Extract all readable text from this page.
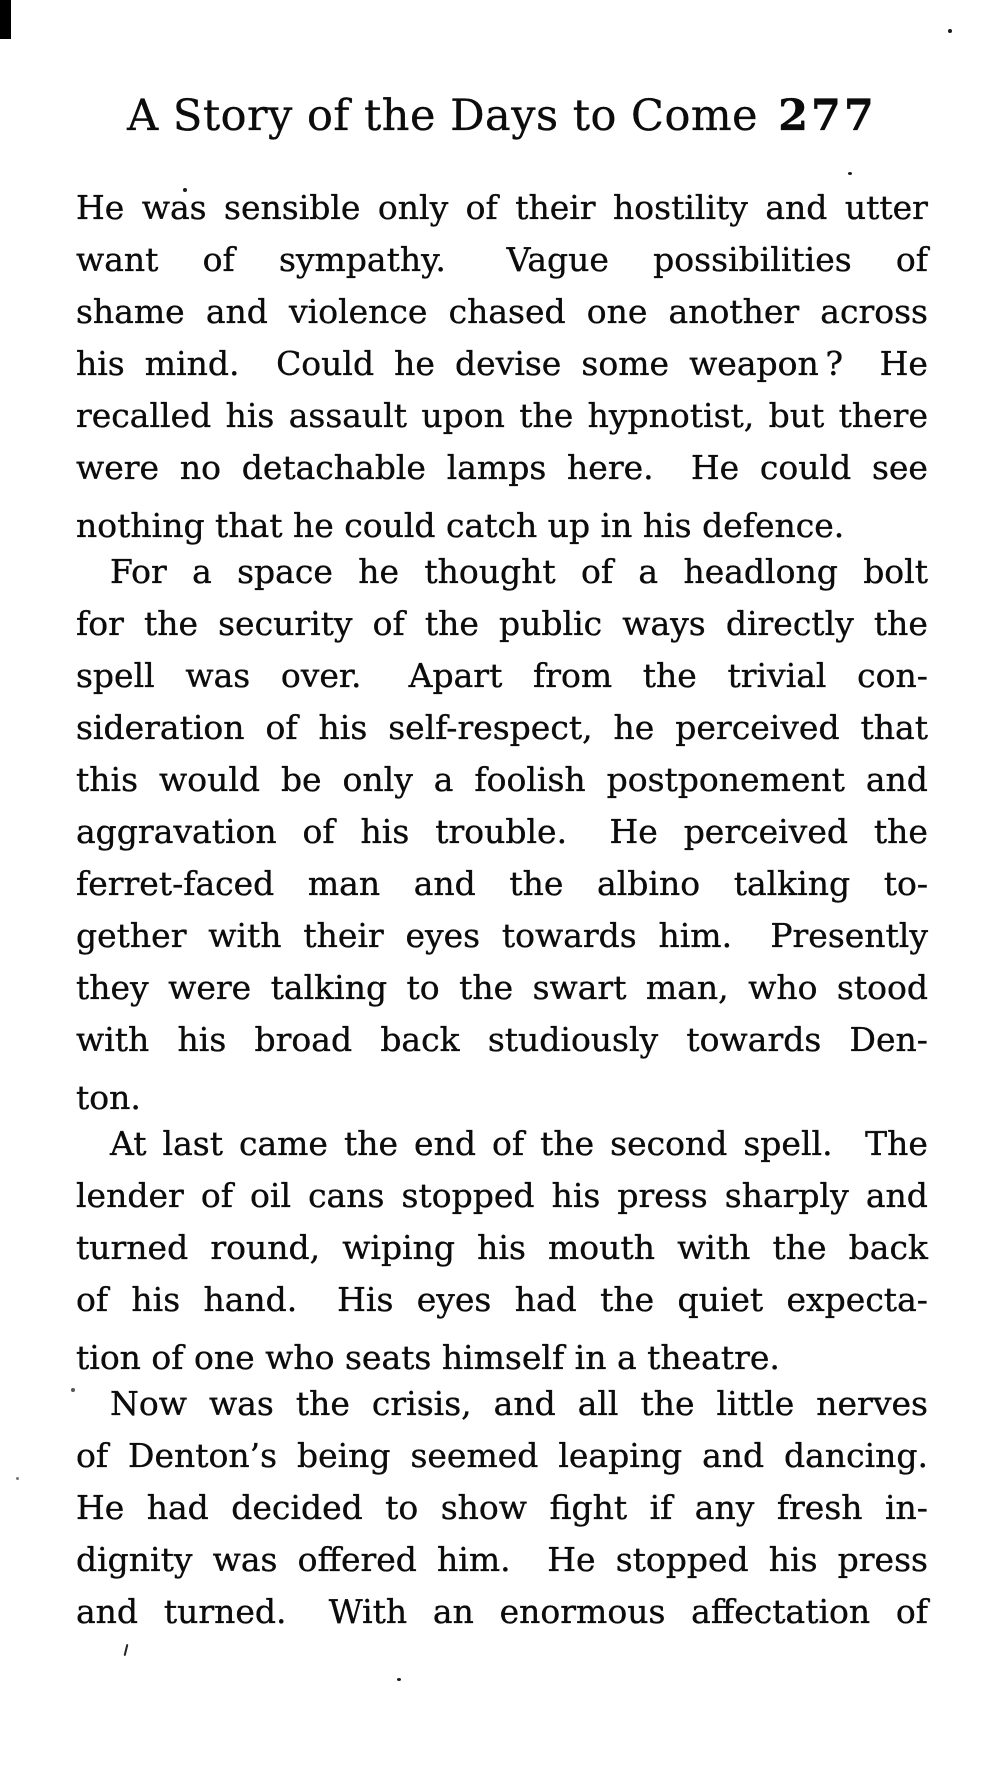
A Story of the Days to Come 277
He was sensible only of their hostility and utter
want of sympathy.  Vague possibilities of
shame and violence chased one another across
his mind.  Could he devise some weapon ?  He
recalled his assault upon the hypnotist, but there
were no detachable lamps here.  He could see
nothing that he could catch up in his defence.
For a space he thought of a headlong bolt
for the security of the public ways directly the
spell was over.  Apart from the trivial con-
sideration of his self-respect, he perceived that
this would be only a foolish postponement and
aggravation of his trouble.  He perceived the
ferret-faced man and the albino talking to-
gether with their eyes towards him.  Presently
they were talking to the swart man, who stood
with his broad back studiously towards Den-
ton.
At last came the end of the second spell.  The
lender of oil cans stopped his press sharply and
turned round, wiping his mouth with the back
of his hand.  His eyes had the quiet expecta-
tion of one who seats himself in a theatre.
Now was the crisis, and all the little nerves
of Denton’s being seemed leaping and dancing.
He had decided to show fight if any fresh in-
dignity was offered him.  He stopped his press
and turned.  With an enormous affectation of
